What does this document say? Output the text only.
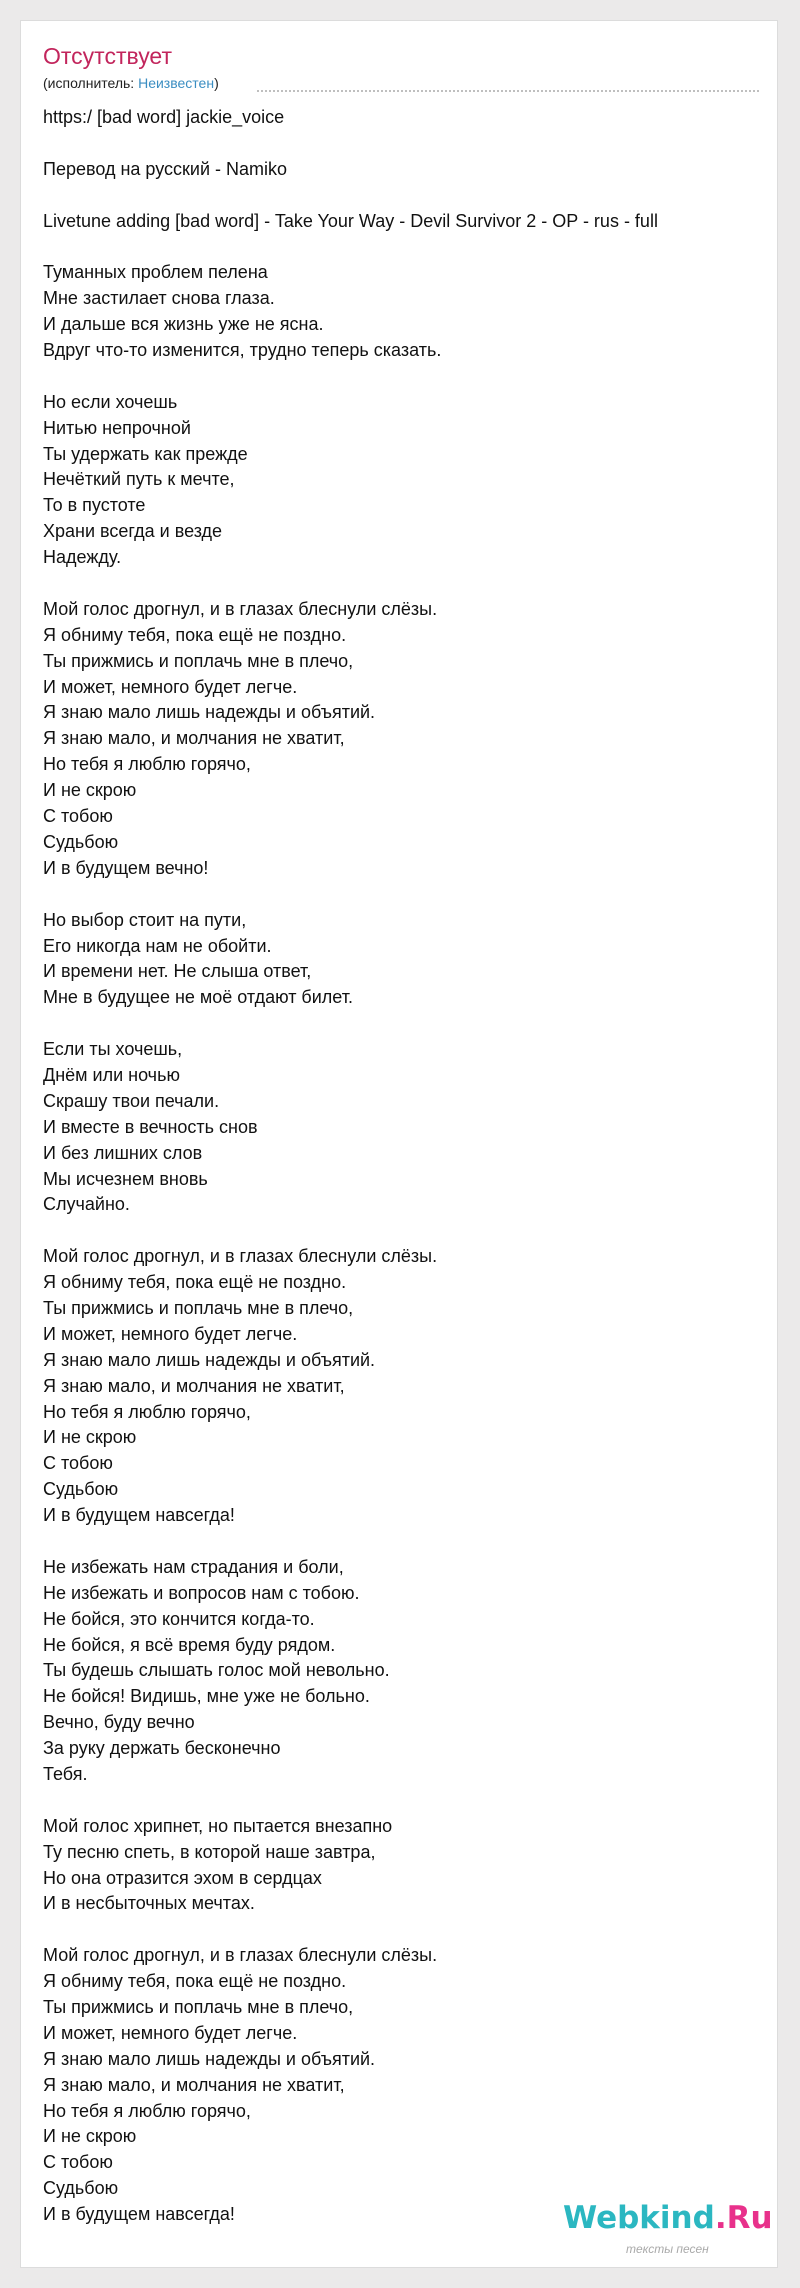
Отсутствует
(исполнитель: Неизвестен)
https:/ [bad word] jackie_voice
Перевод на русский - Namiko
Livetune adding [bad word] - Take Your Way - Devil Survivor 2 - OP - rus - full
Туманных проблем пелена
Мне застилает снова глаза.
И дальше вся жизнь уже не ясна.
Вдруг что-то изменится, трудно теперь сказать.
Но если хочешь
Нитью непрочной
Ты удержать как прежде
Нечёткий путь к мечте,
То в пустоте
Храни всегда и везде
Надежду.
Мой голос дрогнул, и в глазах блеснули слёзы.
Я обниму тебя, пока ещё не поздно.
Ты прижмись и поплачь мне в плечо,
И может, немного будет легче.
Я знаю мало лишь надежды и объятий.
Я знаю мало, и молчания не хватит,
Но тебя я люблю горячо,
И не скрою
С тобою
Судьбою
И в будущем вечно!
Но выбор стоит на пути,
Его никогда нам не обойти.
И времени нет. Не слыша ответ,
Мне в будущее не моё отдают билет.
Если ты хочешь,
Днём или ночью
Скрашу твои печали.
И вместе в вечность снов
И без лишних слов
Мы исчезнем вновь
Случайно.
Мой голос дрогнул, и в глазах блеснули слёзы.
Я обниму тебя, пока ещё не поздно.
Ты прижмись и поплачь мне в плечо,
И может, немного будет легче.
Я знаю мало лишь надежды и объятий.
Я знаю мало, и молчания не хватит,
Но тебя я люблю горячо,
И не скрою
С тобою
Судьбою
И в будущем навсегда!
Не избежать нам страдания и боли,
Не избежать и вопросов нам с тобою.
Не бойся, это кончится когда-то.
Не бойся, я всё время буду рядом.
Ты будешь слышать голос мой невольно.
Не бойся! Видишь, мне уже не больно.
Вечно, буду вечно
За руку держать бесконечно
Тебя.
Мой голос хрипнет, но пытается внезапно
Ту песню спеть, в которой наше завтра,
Но она отразится эхом в сердцах
И в несбыточных мечтах.
Мой голос дрогнул, и в глазах блеснули слёзы.
Я обниму тебя, пока ещё не поздно.
Ты прижмись и поплачь мне в плечо,
И может, немного будет легче.
Я знаю мало лишь надежды и объятий.
Я знаю мало, и молчания не хватит,
Но тебя я люблю горячо,
И не скрою
С тобою
Судьбою
И в будущем навсегда!	Webkind.Ru
тексты песен
